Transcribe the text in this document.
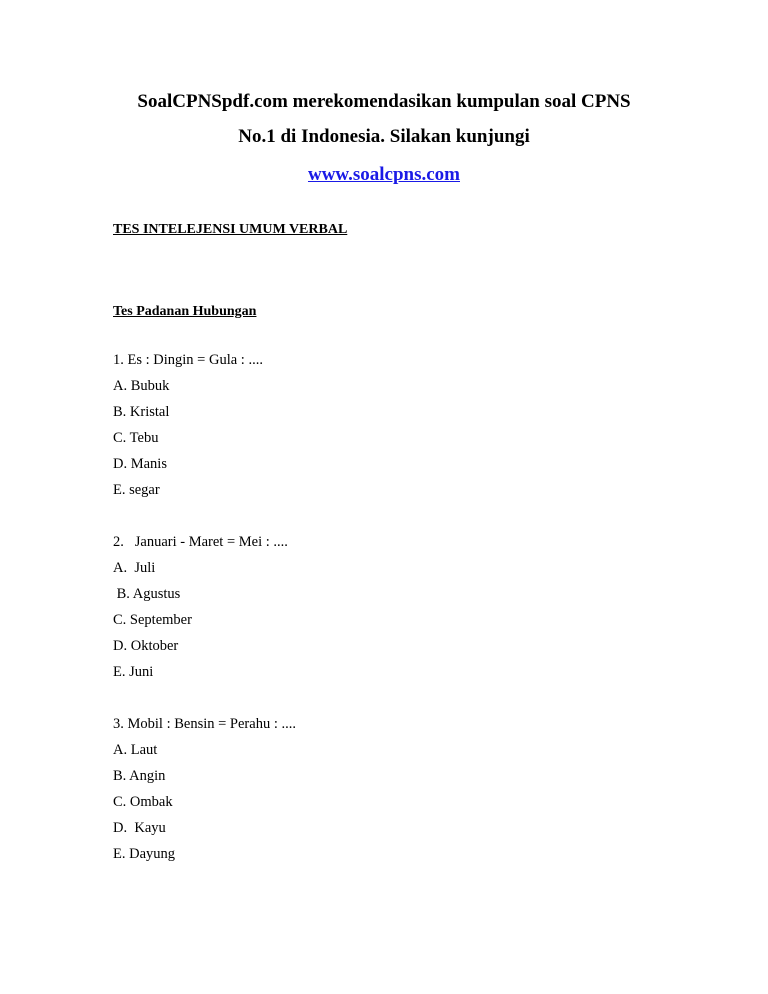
SoalCPNSpdf.com merekomendasikan kumpulan soal CPNS
No.1 di Indonesia. Silakan kunjungi
www.soalcpns.com
TES INTELEJENSI UMUM VERBAL
Tes Padanan Hubungan
1. Es : Dingin = Gula : ....
A. Bubuk
B. Kristal
C. Tebu
D. Manis
E. segar
2.   Januari - Maret = Mei : ....
A.  Juli
B. Agustus
C. September
D. Oktober
E. Juni
3. Mobil : Bensin = Perahu : ....
A. Laut
B. Angin
C. Ombak
D.  Kayu
E. Dayung
